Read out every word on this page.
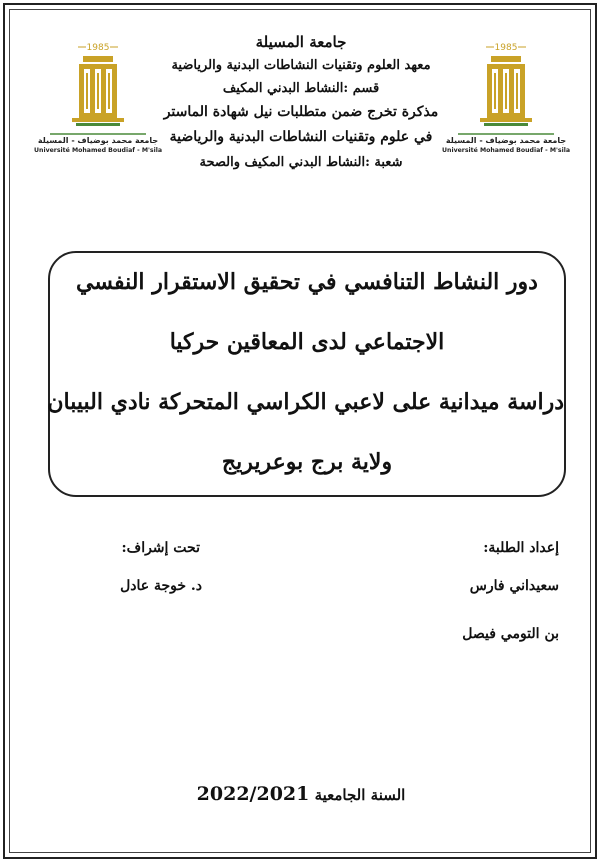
1985
جامعة محمد بوضياف - المسيلة
Université Mohamed Boudiaf - M'sila
1985
جامعة محمد بوضياف - المسيلة
Université Mohamed Boudiaf - M'sila
جامعة المسيلة
معهد العلوم وتقنيات النشاطات البدنية والرياضية
قسم :النشاط البدني المكيف
مذكرة تخرج ضمن متطلبات نيل شهادة الماستر
في علوم وتقنيات النشاطات البدنية والرياضية
شعبة :النشاط البدني المكيف والصحة
دور النشاط التنافسي في تحقيق الاستقرار النفسي
الاجتماعي لدى المعاقين حركيا
دراسة ميدانية على لاعبي الكراسي المتحركة نادي البيبان
ولاية برج بوعريريج
إعداد الطلبة:
سعيداني فارس
بن التومي فيصل
تحت إشراف:
د. خوجة عادل
السنة الجامعية 2022/2021
